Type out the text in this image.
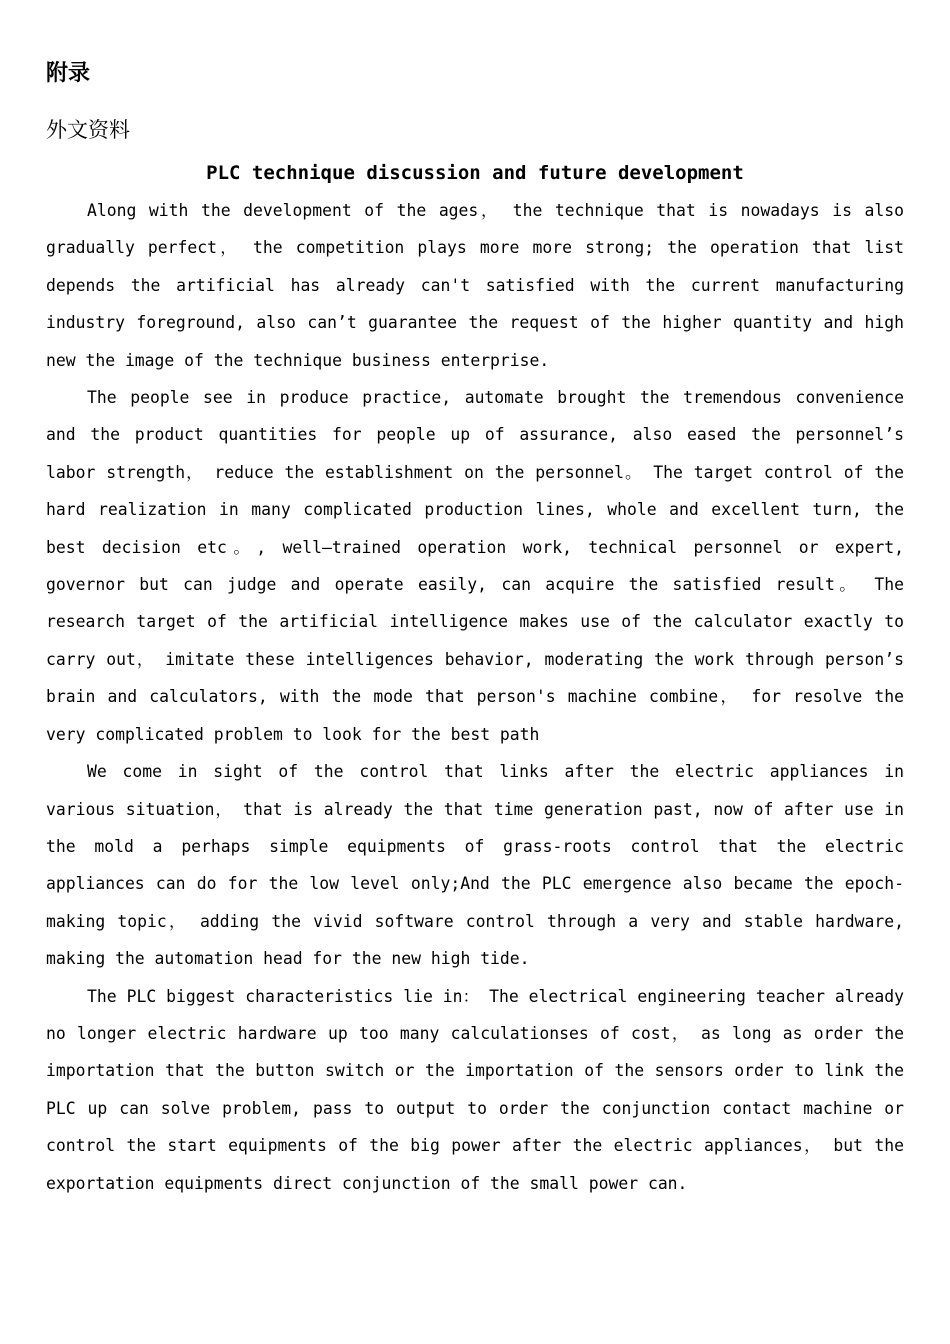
附录
外文资料
PLC technique discussion and future development

Along with the development of the ages， the technique that is nowadays is also gradually perfect， the competition plays more more strong; the operation that list depends the artificial has already can't satisfied with the current manufacturing industry foreground, also can’t guarantee the request of the higher quantity and high new the image of the technique business enterprise.

The people see in produce practice, automate brought the tremendous convenience and the product quantities for people up of assurance, also eased the personnel’s labor strength， reduce the establishment on the personnel。 The target control of the hard realization in many complicated production lines, whole and excellent turn, the best decision etc。, well—trained operation work, technical personnel or expert, governor but can judge and operate easily, can acquire the satisfied result。 The research target of the artificial intelligence makes use of the calculator exactly to carry out， imitate these intelligences behavior, moderating the work through person’s brain and calculators, with the mode that person's machine combine， for resolve the very complicated problem to look for the best path

We come in sight of the control that links after the electric appliances in various situation， that is already the that time generation past, now of after use in the mold a perhaps simple equipments of grass-roots control that the electric appliances can do for the low level only;And the PLC emergence also became the epoch-making topic， adding the vivid software control through a very and stable hardware, making the automation head for the new high tide.

The PLC biggest characteristics lie in： The electrical engineering teacher already no longer electric hardware up too many calculationses of cost， as long as order the importation that the button switch or the importation of the sensors order to link the PLC up can solve problem, pass to output to order the conjunction contact machine or control the start equipments of the big power after the electric appliances， but the exportation equipments direct conjunction of the small power can.
